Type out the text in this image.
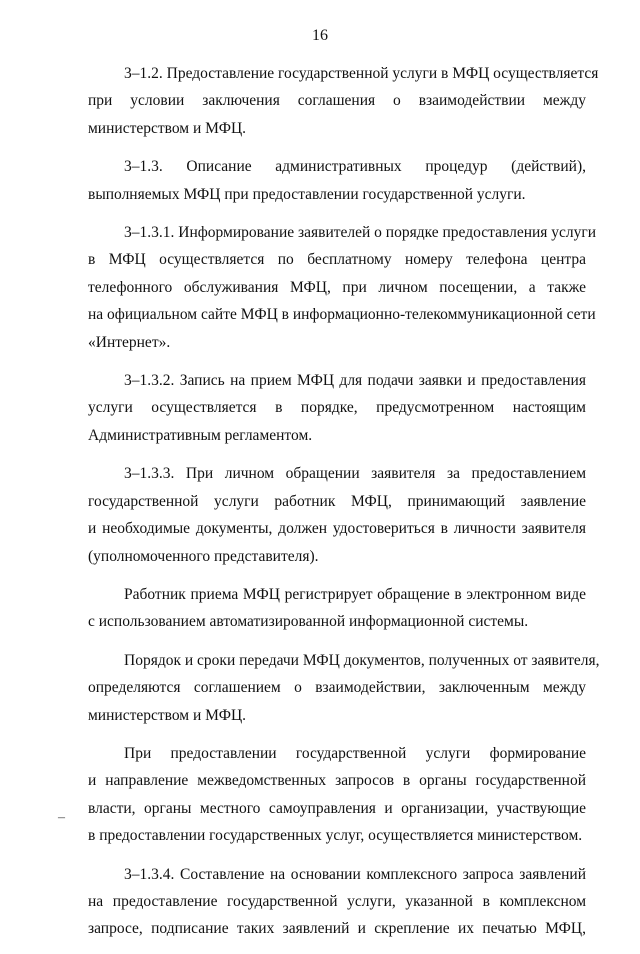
16
–

3–1.2. Предоставление государственной услуги в МФЦ осуществляется
при условии заключения соглашения о взаимодействии между
министерством и МФЦ.

3–1.3. Описание административных процедур (действий),
выполняемых МФЦ при предоставлении государственной услуги.

3–1.3.1. Информирование заявителей о порядке предоставления услуги
в МФЦ осуществляется по бесплатному номеру телефона центра
телефонного обслуживания МФЦ, при личном посещении, а также
на официальном сайте МФЦ в информационно-телекоммуникационной сети
«Интернет».

3–1.3.2. Запись на прием МФЦ для подачи заявки и предоставления
услуги осуществляется в порядке, предусмотренном настоящим
Административным регламентом.

3–1.3.3. При личном обращении заявителя за предоставлением
государственной услуги работник МФЦ, принимающий заявление
и необходимые документы, должен удостовериться в личности заявителя
(уполномоченного представителя).

Работник приема МФЦ регистрирует обращение в электронном виде
с использованием автоматизированной информационной системы.

Порядок и сроки передачи МФЦ документов, полученных от заявителя,
определяются соглашением о взаимодействии, заключенным между
министерством и МФЦ.

При предоставлении государственной услуги формирование
и направление межведомственных запросов в органы государственной
власти, органы местного самоуправления и организации, участвующие
в предоставлении государственных услуг, осуществляется министерством.

3–1.3.4. Составление на основании комплексного запроса заявлений
на предоставление государственной услуги, указанной в комплексном
запросе, подписание таких заявлений и скрепление их печатью МФЦ,
